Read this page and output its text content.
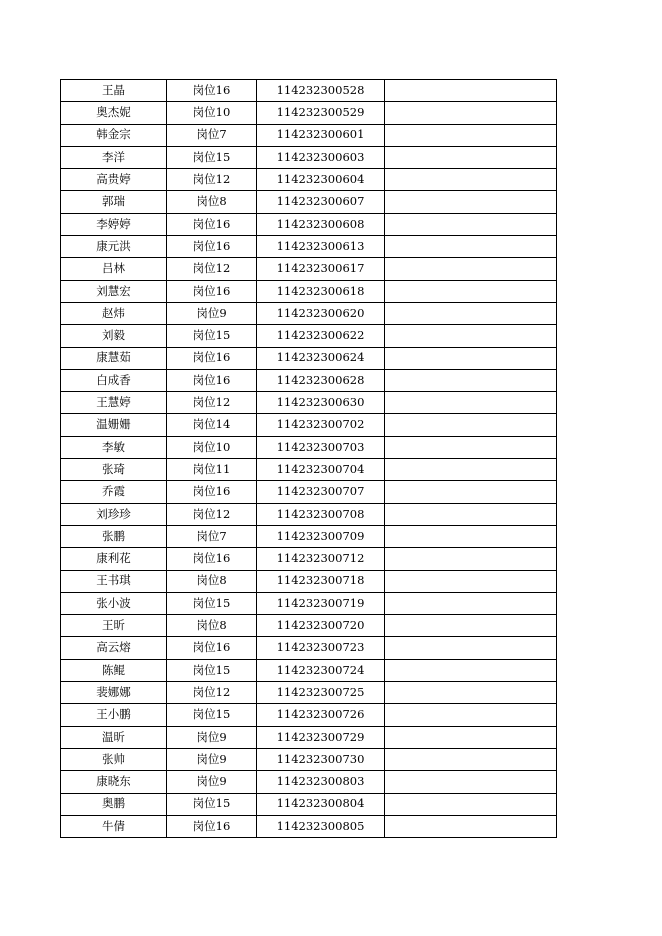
王晶	岗位16	114232300528	
奥杰妮	岗位10	114232300529	
韩金宗	岗位7	114232300601	
李洋	岗位15	114232300603	
高贵婷	岗位12	114232300604	
郭瑞	岗位8	114232300607	
李婷婷	岗位16	114232300608	
康元洪	岗位16	114232300613	
吕林	岗位12	114232300617	
刘慧宏	岗位16	114232300618	
赵炜	岗位9	114232300620	
刘毅	岗位15	114232300622	
康慧茹	岗位16	114232300624	
白成香	岗位16	114232300628	
王慧婷	岗位12	114232300630	
温姗姗	岗位14	114232300702	
李敏	岗位10	114232300703	
张琦	岗位11	114232300704	
乔霞	岗位16	114232300707	
刘珍珍	岗位12	114232300708	
张鹏	岗位7	114232300709	
康利花	岗位16	114232300712	
王书琪	岗位8	114232300718	
张小波	岗位15	114232300719	
王昕	岗位8	114232300720	
高云熔	岗位16	114232300723	
陈鲲	岗位15	114232300724	
裴娜娜	岗位12	114232300725	
王小鹏	岗位15	114232300726	
温昕	岗位9	114232300729	
张帅	岗位9	114232300730	
康晓东	岗位9	114232300803	
奥鹏	岗位15	114232300804	
牛倩	岗位16	114232300805	
